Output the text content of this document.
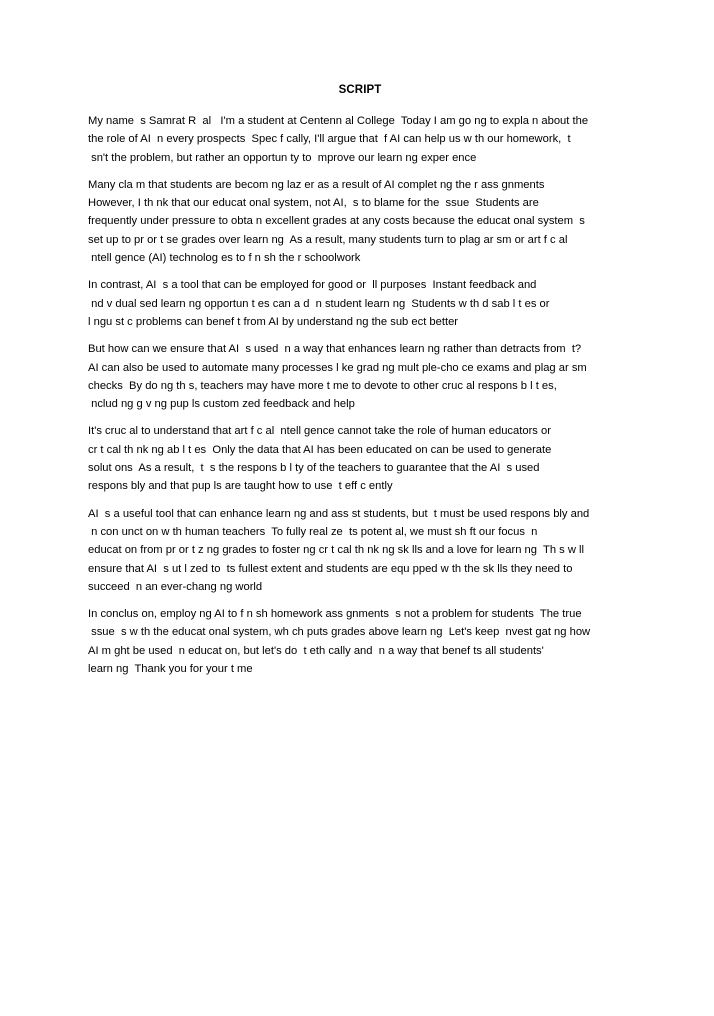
SCRIPT
My name  s Samrat R  al   I'm a student at Centenn al College  Today I am go ng to expla n about the
the role of AI  n every prospects  Spec f cally, I'll argue that  f AI can help us w th our homework,  t
sn't the problem, but rather an opportun ty to  mprove our learn ng exper ence
Many cla m that students are becom ng laz er as a result of AI complet ng the r ass gnments
However, I th nk that our educat onal system, not AI,  s to blame for the  ssue  Students are
frequently under pressure to obta n excellent grades at any costs because the educat onal system  s
set up to pr or t se grades over learn ng  As a result, many students turn to plag ar sm or art f c al
ntell gence (AI) technolog es to f n sh the r schoolwork
In contrast, AI  s a tool that can be employed for good or  ll purposes  Instant feedback and
nd v dual sed learn ng opportun t es can a d  n student learn ng  Students w th d sab l t es or
l ngu st c problems can benef t from AI by understand ng the sub ect better
But how can we ensure that AI  s used  n a way that enhances learn ng rather than detracts from  t?
AI can also be used to automate many processes l ke grad ng mult ple-cho ce exams and plag ar sm
checks  By do ng th s, teachers may have more t me to devote to other cruc al respons b l t es,
nclud ng g v ng pup ls custom zed feedback and help
It's cruc al to understand that art f c al  ntell gence cannot take the role of human educators or
cr t cal th nk ng ab l t es  Only the data that AI has been educated on can be used to generate
solut ons  As a result,  t  s the respons b l ty of the teachers to guarantee that the AI  s used
respons bly and that pup ls are taught how to use  t eff c ently
AI  s a useful tool that can enhance learn ng and ass st students, but  t must be used respons bly and
n con unct on w th human teachers  To fully real ze  ts potent al, we must sh ft our focus  n
educat on from pr or t z ng grades to foster ng cr t cal th nk ng sk lls and a love for learn ng  Th s w ll
ensure that AI  s ut l zed to  ts fullest extent and students are equ pped w th the sk lls they need to
succeed  n an ever-chang ng world
In conclus on, employ ng AI to f n sh homework ass gnments  s not a problem for students  The true
ssue  s w th the educat onal system, wh ch puts grades above learn ng  Let's keep  nvest gat ng how
AI m ght be used  n educat on, but let's do  t eth cally and  n a way that benef ts all students'
learn ng  Thank you for your t me
